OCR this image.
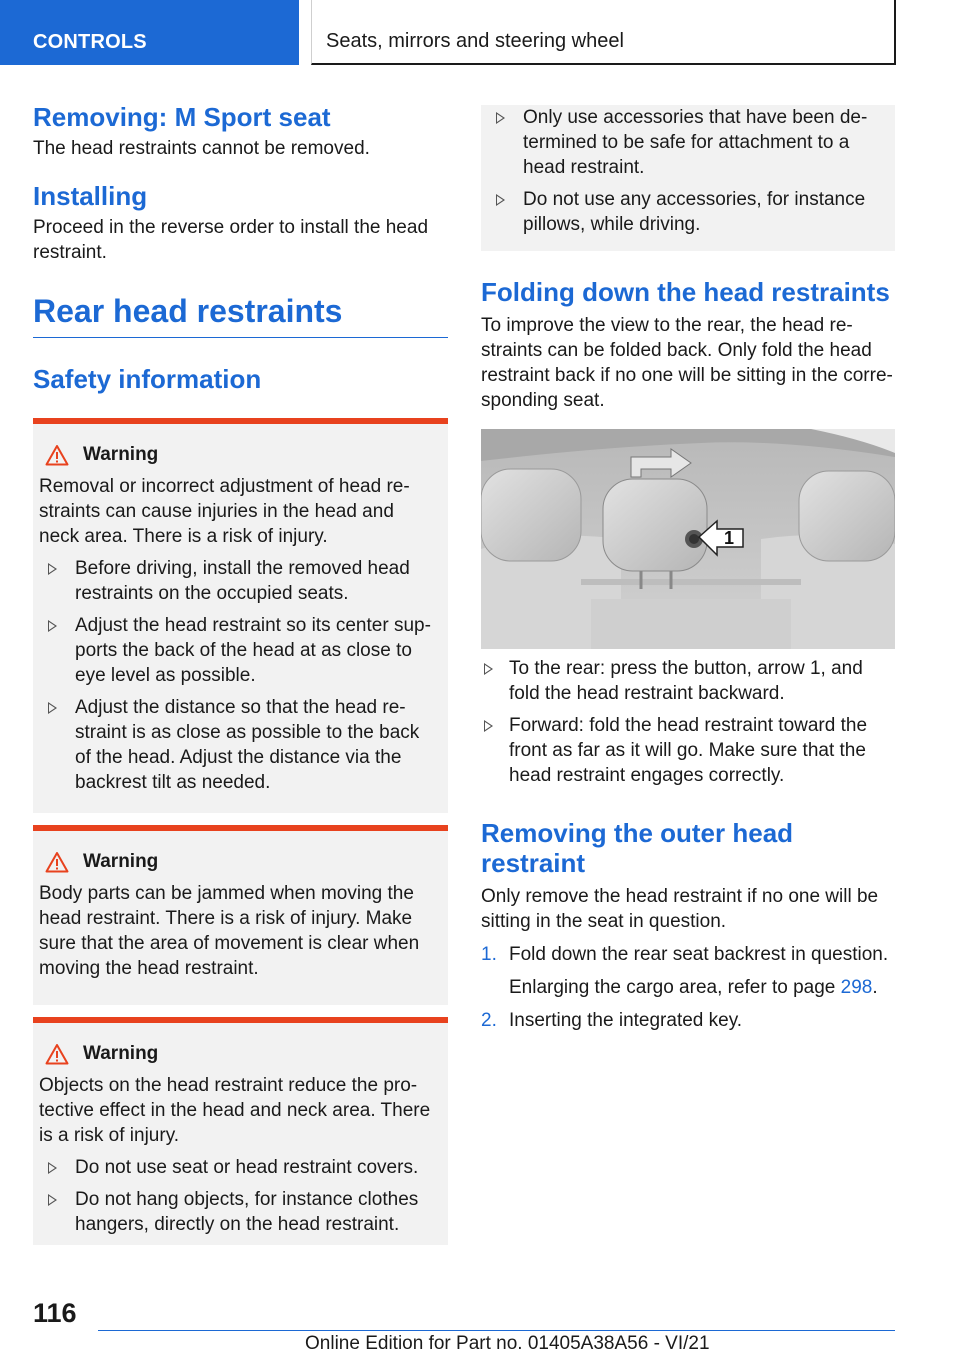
CONTROLS	Seats, mirrors and steering wheel
Removing: M Sport seat
The head restraints cannot be removed.
Installing
Proceed in the reverse order to install the head restraint.
Rear head restraints
Safety information
Warning
Removal or incorrect adjustment of head re-straints can cause injuries in the head and neck area. There is a risk of injury.
Before driving, install the removed head restraints on the occupied seats.
Adjust the head restraint so its center sup-ports the back of the head at as close to eye level as possible.
Adjust the distance so that the head re-straint is as close as possible to the back of the head. Adjust the distance via the backrest tilt as needed.
Warning
Body parts can be jammed when moving the head restraint. There is a risk of injury. Make sure that the area of movement is clear when moving the head restraint.
Warning
Objects on the head restraint reduce the pro-tective effect in the head and neck area. There is a risk of injury.
Do not use seat or head restraint covers.
Do not hang objects, for instance clothes hangers, directly on the head restraint.
Only use accessories that have been de-termined to be safe for attachment to a head restraint.
Do not use any accessories, for instance pillows, while driving.
Folding down the head restraints
To improve the view to the rear, the head re-straints can be folded back. Only fold the head restraint back if no one will be sitting in the corre-sponding seat.
1
To the rear: press the button, arrow 1, and fold the head restraint backward.
Forward: fold the head restraint toward the front as far as it will go. Make sure that the head restraint engages correctly.
Removing the outer head restraint
Only remove the head restraint if no one will be sitting in the seat in question.
1. Fold down the rear seat backrest in question.
Enlarging the cargo area, refer to page 298.
2. Inserting the integrated key.
116
Online Edition for Part no. 01405A38A56 - VI/21
